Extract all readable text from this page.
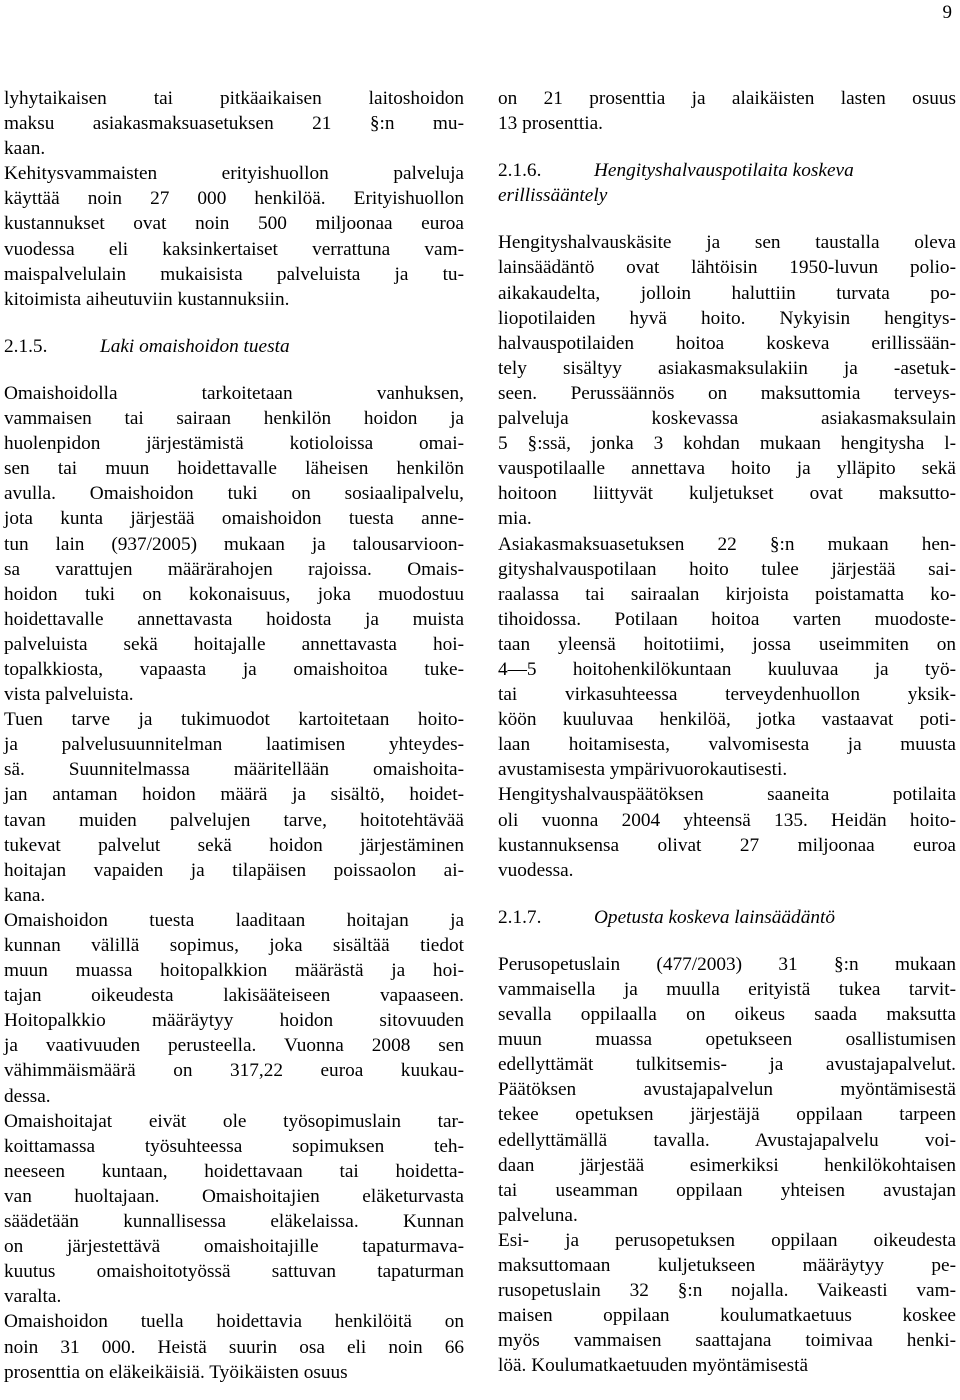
9
lyhytaikaisen tai pitkäaikaisen laitoshoidon
maksu asiakasmaksuasetuksen 21 §:n mu-
kaan.
Kehitysvammaisten erityishuollon palveluja
käyttää noin 27 000 henkilöä. Erityishuollon
kustannukset ovat noin 500 miljoonaa euroa
vuodessa eli kaksinkertaiset verrattuna vam-
maispalvelulain mukaisista palveluista ja tu-
kitoimista aiheutuviin kustannuksiin.
2.1.5.	Laki omaishoidon tuesta
Omaishoidolla tarkoitetaan vanhuksen,
vammaisen tai sairaan henkilön hoidon ja
huolenpidon järjestämistä kotioloissa omai-
sen tai muun hoidettavalle läheisen henkilön
avulla. Omaishoidon tuki on sosiaalipalvelu,
jota kunta järjestää omaishoidon tuesta anne-
tun lain (937/2005) mukaan ja talousarvioon-
sa varattujen määrärahojen rajoissa. Omais-
hoidon tuki on kokonaisuus, joka muodostuu
hoidettavalle annettavasta hoidosta ja muista
palveluista sekä hoitajalle annettavasta hoi-
topalkkiosta, vapaasta ja omaishoitoa tuke-
vista palveluista.
Tuen tarve ja tukimuodot kartoitetaan hoito-
ja palvelusuunnitelman laatimisen yhteydes-
sä. Suunnitelmassa määritellään omaishoita-
jan antaman hoidon määrä ja sisältö, hoidet-
tavan muiden palvelujen tarve, hoitotehtävää
tukevat palvelut sekä hoidon järjestäminen
hoitajan vapaiden ja tilapäisen poissaolon ai-
kana.
Omaishoidon tuesta laaditaan hoitajan ja
kunnan välillä sopimus, joka sisältää tiedot
muun muassa hoitopalkkion määrästä ja hoi-
tajan oikeudesta lakisääteiseen vapaaseen.
Hoitopalkkio määräytyy hoidon sitovuuden
ja vaativuuden perusteella. Vuonna 2008 sen
vähimmäismäärä on 317,22 euroa kuukau-
dessa.
Omaishoitajat eivät ole työsopimuslain tar-
koittamassa työsuhteessa sopimuksen teh-
neeseen kuntaan, hoidettavaan tai hoidetta-
van huoltajaan. Omaishoitajien eläketurvasta
säädetään kunnallisessa eläkelaissa. Kunnan
on järjestettävä omaishoitajille tapaturmava-
kuutus omaishoitotyössä sattuvan tapaturman
varalta.
Omaishoidon tuella hoidettavia henkilöitä on
noin 31 000. Heistä suurin osa eli noin 66
prosenttia on eläkeikäisiä. Työikäisten osuus
on 21 prosenttia ja alaikäisten lasten osuus
13 prosenttia.
2.1.6.	Hengityshalvauspotilaita koskeva
erillissääntely
Hengityshalvauskäsite ja sen taustalla oleva
lainsäädäntö ovat lähtöisin 1950-luvun polio-
aikakaudelta, jolloin haluttiin turvata po-
liopotilaiden hyvä hoito. Nykyisin hengitys-
halvauspotilaiden hoitoa koskeva erillissään-
tely sisältyy asiakasmaksulakiin ja -asetuk-
seen. Perussäännös on maksuttomia terveys-
palveluja koskevassa asiakasmaksulain
5 §:ssä, jonka 3 kohdan mukaan hengitysha l-
vauspotilaalle annettava hoito ja ylläpito sekä
hoitoon liittyvät kuljetukset ovat maksutto-
mia.
Asiakasmaksuasetuksen 22 §:n mukaan hen-
gityshalvauspotilaan hoito tulee järjestää sai-
raalassa tai sairaalan kirjoista poistamatta ko-
tihoidossa. Potilaan hoitoa varten muodoste-
taan yleensä hoitotiimi, jossa useimmiten on
4—5 hoitohenkilökuntaan kuuluvaa ja työ-
tai virkasuhteessa terveydenhuollon yksik-
köön kuuluvaa henkilöä, jotka vastaavat poti-
laan hoitamisesta, valvomisesta ja muusta
avustamisesta ympärivuorokautisesti.
Hengityshalvauspäätöksen saaneita potilaita
oli vuonna 2004 yhteensä 135. Heidän hoito-
kustannuksensa olivat 27 miljoonaa euroa
vuodessa.
2.1.7.	Opetusta koskeva lainsäädäntö
Perusopetuslain (477/2003) 31 §:n mukaan
vammaisella ja muulla erityistä tukea tarvit-
sevalla oppilaalla on oikeus saada maksutta
muun muassa opetukseen osallistumisen
edellyttämät tulkitsemis- ja avustajapalvelut.
Päätöksen avustajapalvelun myöntämisestä
tekee opetuksen järjestäjä oppilaan tarpeen
edellyttämällä tavalla. Avustajapalvelu voi-
daan järjestää esimerkiksi henkilökohtaisen
tai useamman oppilaan yhteisen avustajan
palveluna.
Esi- ja perusopetuksen oppilaan oikeudesta
maksuttomaan kuljetukseen määräytyy pe-
rusopetuslain 32 §:n nojalla. Vaikeasti vam-
maisen oppilaan koulumatkaetuus koskee
myös vammaisen saattajana toimivaa henki-
löä. Koulumatkaetuuden myöntämisestä
